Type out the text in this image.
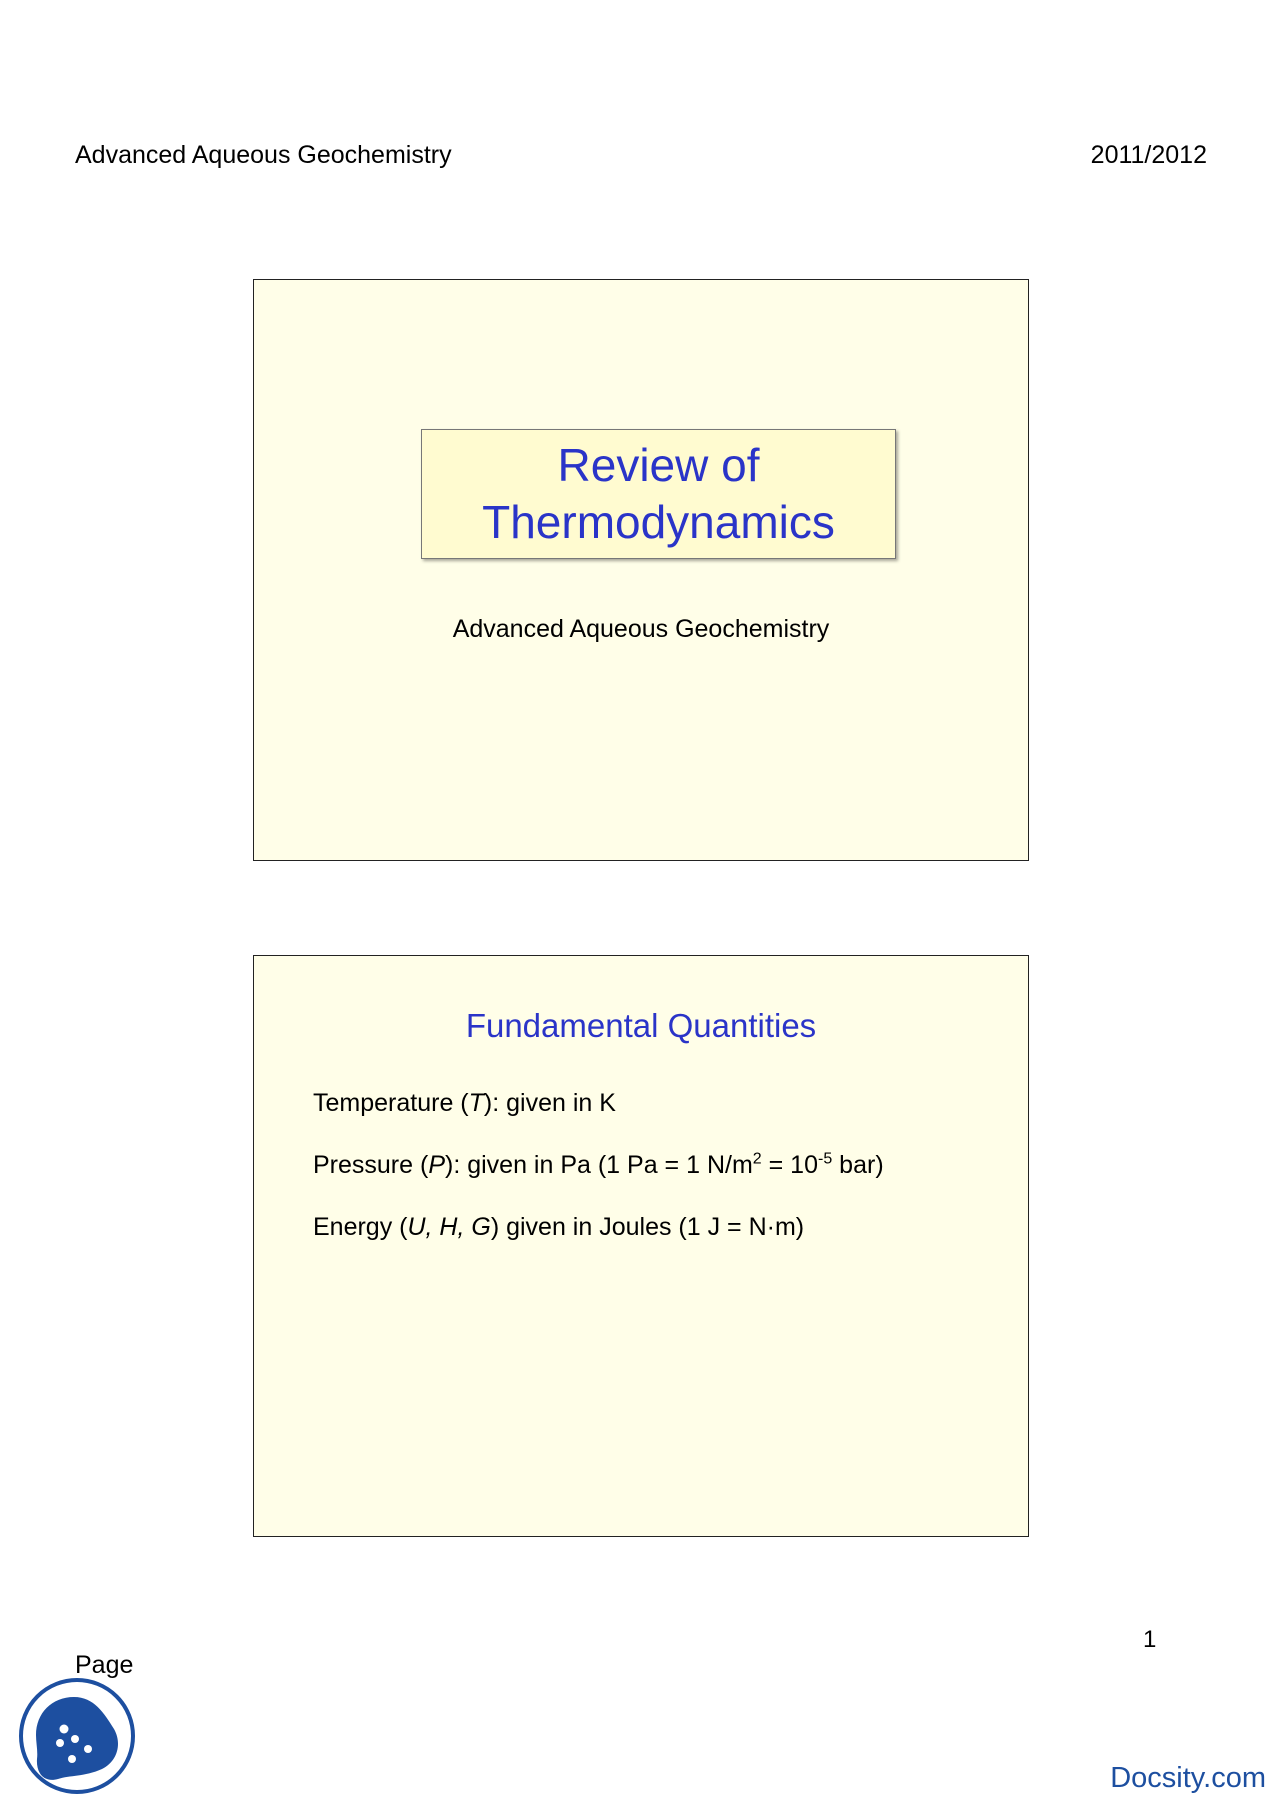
Advanced Aqueous Geochemistry	2011/2012
Review of
Thermodynamics
Advanced Aqueous Geochemistry
Fundamental Quantities
Temperature (T): given in K
Pressure (P): given in Pa (1 Pa = 1 $N/m^2 = 10^{-5}$ bar)
Energy (U, H, G) given in Joules (1 J = N·m)
1
Page
Docsity.com
